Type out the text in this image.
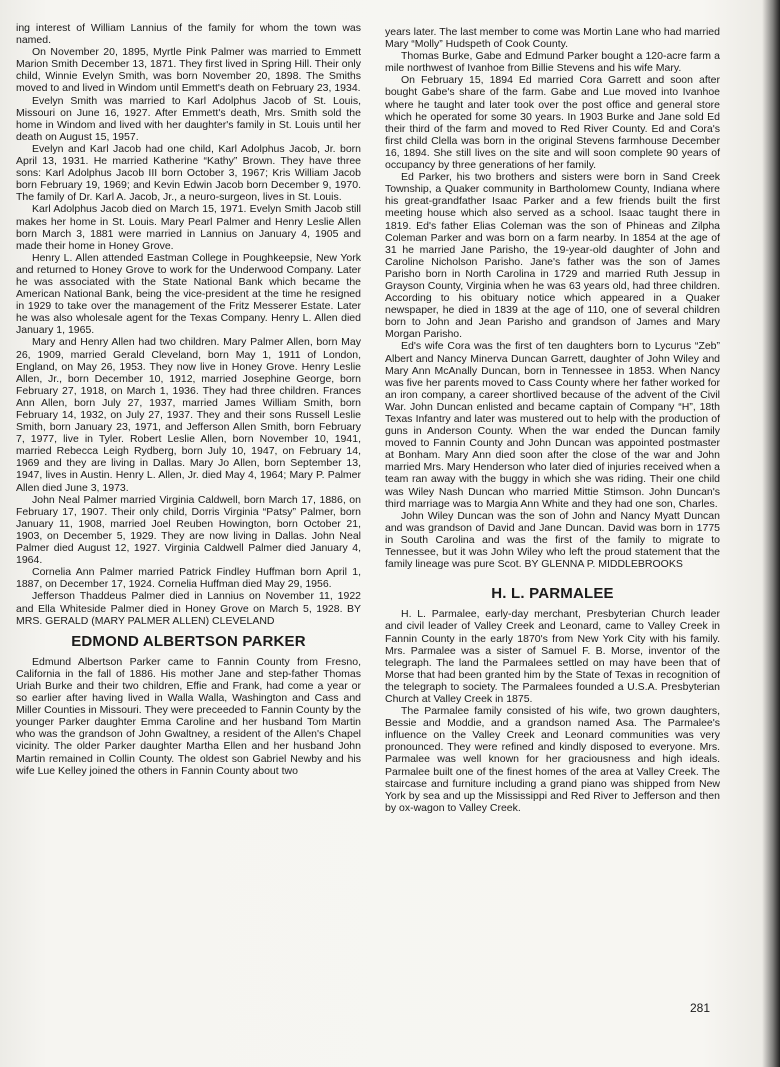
ing interest of William Lannius of the family for whom the town was named.

On November 20, 1895, Myrtle Pink Palmer was married to Emmett Marion Smith December 13, 1871. They first lived in Spring Hill. Their only child, Winnie Evelyn Smith, was born November 20, 1898. The Smiths moved to and lived in Windom until Emmett's death on February 23, 1934.

Evelyn Smith was married to Karl Adolphus Jacob of St. Louis, Missouri on June 16, 1927. After Emmett's death, Mrs. Smith sold the home in Windom and lived with her daughter's family in St. Louis until her death on August 15, 1957.

Evelyn and Karl Jacob had one child, Karl Adolphus Jacob, Jr. born April 13, 1931. He married Katherine “Kathy” Brown. They have three sons: Karl Adolphus Jacob III born October 3, 1967; Kris William Jacob born February 19, 1969; and Kevin Edwin Jacob born December 9, 1970. The family of Dr. Karl A. Jacob, Jr., a neuro-surgeon, lives in St. Louis.

Karl Adolphus Jacob died on March 15, 1971. Evelyn Smith Jacob still makes her home in St. Louis. Mary Pearl Palmer and Henry Leslie Allen born March 3, 1881 were married in Lannius on January 4, 1905 and made their home in Honey Grove.

Henry L. Allen attended Eastman College in Poughkeepsie, New York and returned to Honey Grove to work for the Underwood Company. Later he was associated with the State National Bank which became the American National Bank, being the vice-president at the time he resigned in 1929 to take over the management of the Fritz Messerer Estate. Later he was also wholesale agent for the Texas Company. Henry L. Allen died January 1, 1965.

Mary and Henry Allen had two children. Mary Palmer Allen, born May 26, 1909, married Gerald Cleveland, born May 1, 1911 of London, England, on May 26, 1953. They now live in Honey Grove. Henry Leslie Allen, Jr., born December 10, 1912, married Josephine George, born February 27, 1918, on March 1, 1936. They had three children. Frances Ann Allen, born July 27, 1937, married James William Smith, born February 14, 1932, on July 27, 1937. They and their sons Russell Leslie Smith, born January 23, 1971, and Jefferson Allen Smith, born February 7, 1977, live in Tyler. Robert Leslie Allen, born November 10, 1941, married Rebecca Leigh Rydberg, born July 10, 1947, on February 14, 1969 and they are living in Dallas. Mary Jo Allen, born September 13, 1947, lives in Austin. Henry L. Allen, Jr. died May 4, 1964; Mary P. Palmer Allen died June 3, 1973.

John Neal Palmer married Virginia Caldwell, born March 17, 1886, on February 17, 1907. Their only child, Dorris Virginia “Patsy” Palmer, born January 11, 1908, married Joel Reuben Howington, born October 21, 1903, on December 5, 1929. They are now living in Dallas. John Neal Palmer died August 12, 1927. Virginia Caldwell Palmer died January 4, 1964.

Cornelia Ann Palmer married Patrick Findley Huffman born April 1, 1887, on December 17, 1924. Cornelia Huffman died May 29, 1956.

Jefferson Thaddeus Palmer died in Lannius on November 11, 1922 and Ella Whiteside Palmer died in Honey Grove on March 5, 1928. BY MRS. GERALD (MARY PALMER ALLEN) CLEVELAND

EDMOND ALBERTSON PARKER

Edmund Albertson Parker came to Fannin County from Fresno, California in the fall of 1886. His mother Jane and step-father Thomas Uriah Burke and their two children, Effie and Frank, had come a year or so earlier after having lived in Walla Walla, Washington and Cass and Miller Counties in Missouri. They were preceeded to Fannin County by the younger Parker daughter Emma Caroline and her husband Tom Martin who was the grandson of John Gwaltney, a resident of the Allen's Chapel vicinity. The older Parker daughter Martha Ellen and her husband John Martin remained in Collin County. The oldest son Gabriel Newby and his wife Lue Kelley joined the others in Fannin County about two

years later. The last member to come was Mortin Lane who had married Mary “Molly” Hudspeth of Cook County.

Thomas Burke, Gabe and Edmund Parker bought a 120-acre farm a mile northwest of Ivanhoe from Billie Stevens and his wife Mary.

On February 15, 1894 Ed married Cora Garrett and soon after bought Gabe's share of the farm. Gabe and Lue moved into Ivanhoe where he taught and later took over the post office and general store which he operated for some 30 years. In 1903 Burke and Jane sold Ed their third of the farm and moved to Red River County. Ed and Cora's first child Clella was born in the original Stevens farmhouse December 16, 1894. She still lives on the site and will soon complete 90 years of occupancy by three generations of her family.

Ed Parker, his two brothers and sisters were born in Sand Creek Township, a Quaker community in Bartholomew County, Indiana where his great-grandfather Isaac Parker and a few friends built the first meeting house which also served as a school. Isaac taught there in 1819. Ed's father Elias Coleman was the son of Phineas and Zilpha Coleman Parker and was born on a farm nearby. In 1854 at the age of 31 he married Jane Parisho, the 19-year-old daughter of John and Caroline Nicholson Parisho. Jane's father was the son of James Parisho born in North Carolina in 1729 and married Ruth Jessup in Grayson County, Virginia when he was 63 years old, had three children. According to his obituary notice which appeared in a Quaker newspaper, he died in 1839 at the age of 110, one of several children born to John and Jean Parisho and grandson of James and Mary Morgan Parisho.

Ed's wife Cora was the first of ten daughters born to Lycurus “Zeb” Albert and Nancy Minerva Duncan Garrett, daughter of John Wiley and Mary Ann McAnally Duncan, born in Tennessee in 1853. When Nancy was five her parents moved to Cass County where her father worked for an iron company, a career shortlived because of the advent of the Civil War. John Duncan enlisted and became captain of Company “H”, 18th Texas Infantry and later was mustered out to help with the production of guns in Anderson County. When the war ended the Duncan family moved to Fannin County and John Duncan was appointed postmaster at Bonham. Mary Ann died soon after the close of the war and John married Mrs. Mary Henderson who later died of injuries received when a team ran away with the buggy in which she was riding. Their one child was Wiley Nash Duncan who married Mittie Stimson. John Duncan's third marriage was to Margia Ann White and they had one son, Charles.

John Wiley Duncan was the son of John and Nancy Myatt Duncan and was grandson of David and Jane Duncan. David was born in 1775 in South Carolina and was the first of the family to migrate to Tennessee, but it was John Wiley who left the proud statement that the family lineage was pure Scot. BY GLENNA P. MIDDLEBROOKS

H. L. PARMALEE

H. L. Parmalee, early-day merchant, Presbyterian Church leader and civil leader of Valley Creek and Leonard, came to Valley Creek in Fannin County in the early 1870's from New York City with his family. Mrs. Parmalee was a sister of Samuel F. B. Morse, inventor of the telegraph. The land the Parmalees settled on may have been that of Morse that had been granted him by the State of Texas in recognition of the telegraph to society. The Parmalees founded a U.S.A. Presbyterian Church at Valley Creek in 1875.

The Parmalee family consisted of his wife, two grown daughters, Bessie and Moddie, and a grandson named Asa. The Parmalee's influence on the Valley Creek and Leonard communities was very pronounced. They were refined and kindly disposed to everyone. Mrs. Parmalee was well known for her graciousness and high ideals. Parmalee built one of the finest homes of the area at Valley Creek. The staircase and furniture including a grand piano was shipped from New York by sea and up the Mississippi and Red River to Jefferson and then by ox-wagon to Valley Creek.

281
